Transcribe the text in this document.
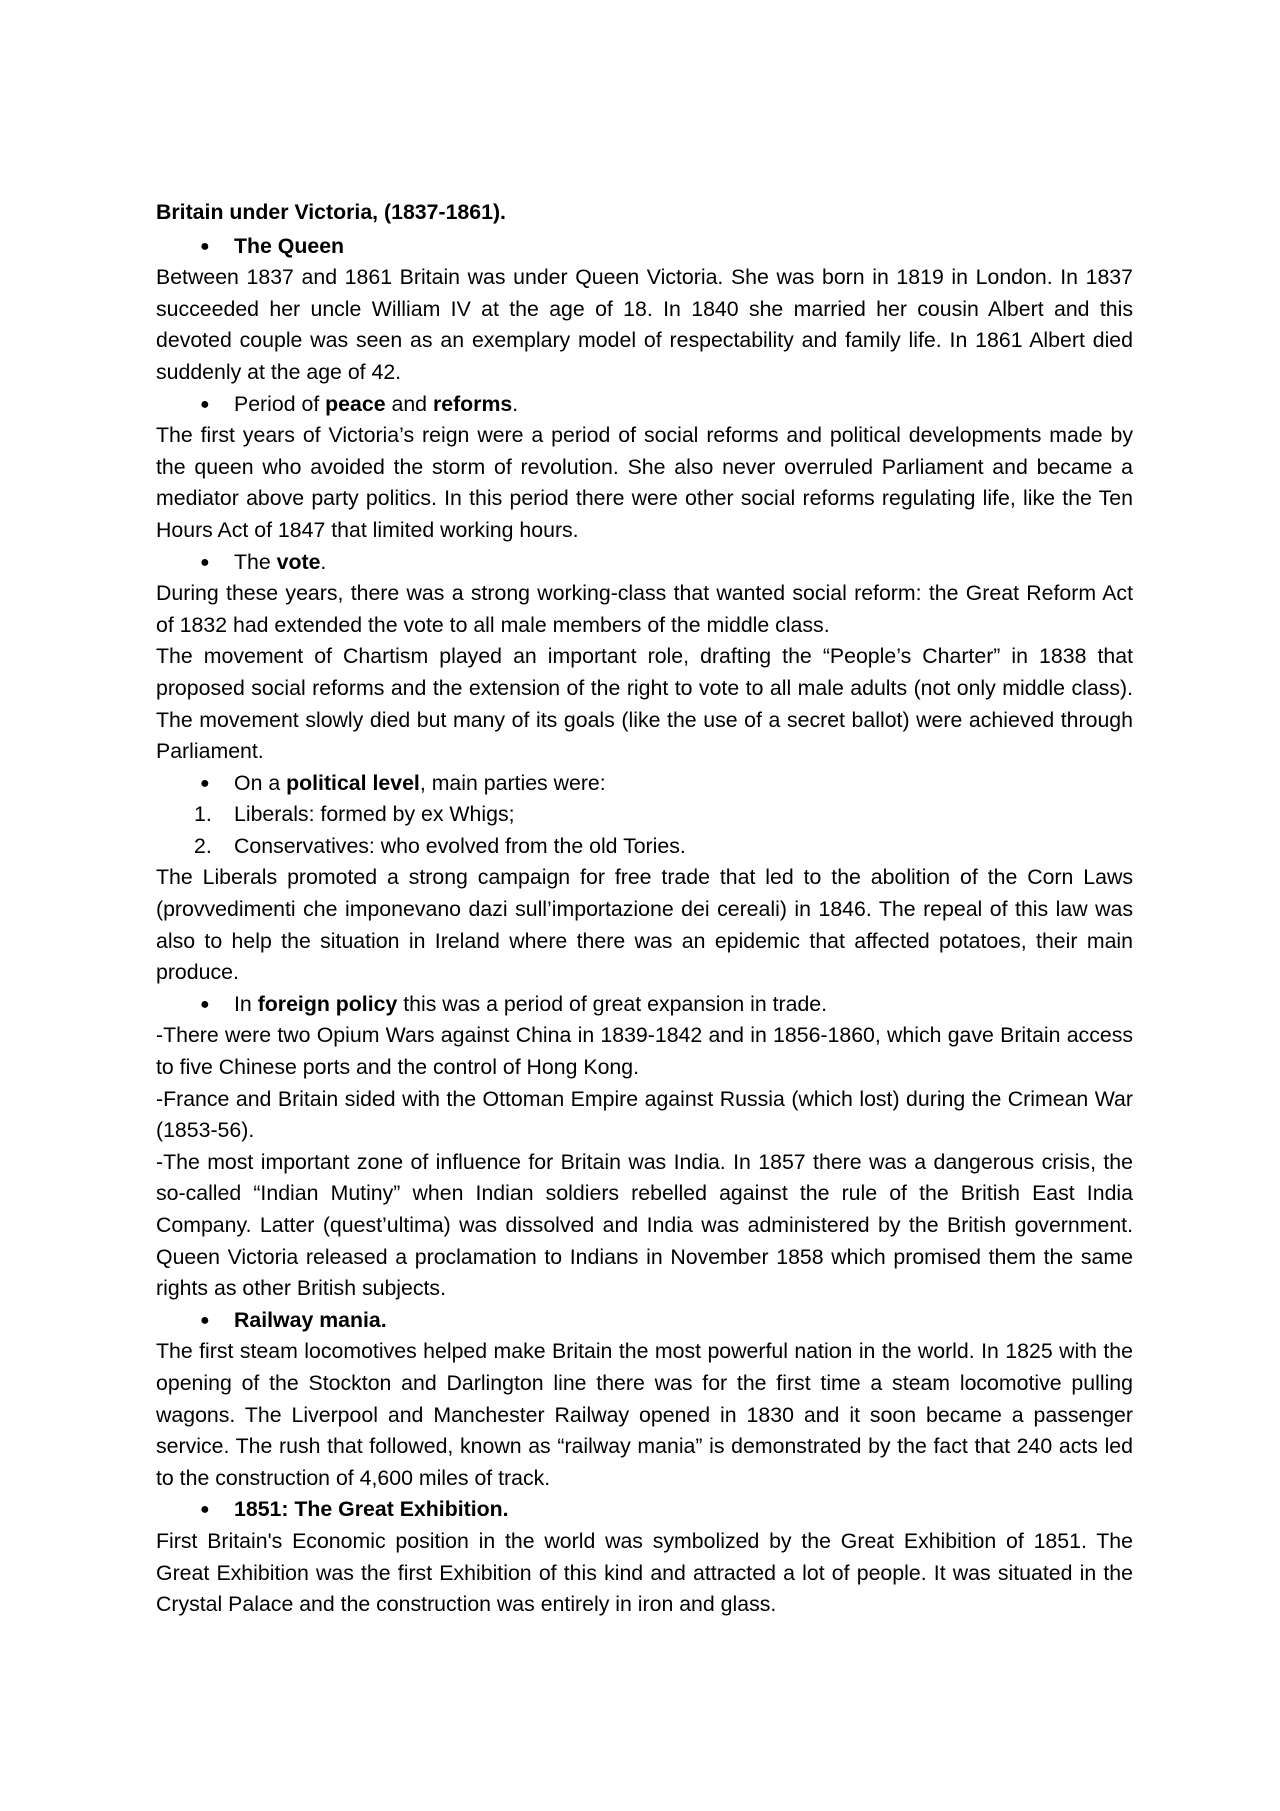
Britain under Victoria, (1837-1861).

● The Queen

Between 1837 and 1861 Britain was under Queen Victoria. She was born in 1819 in London. In 1837 succeeded her uncle William IV at the age of 18. In 1840 she married her cousin Albert and this devoted couple was seen as an exemplary model of respectability and family life. In 1861 Albert died suddenly at the age of 42.

● Period of peace and reforms.

The first years of Victoria’s reign were a period of social reforms and political developments made by the queen who avoided the storm of revolution. She also never overruled Parliament and became a mediator above party politics. In this period there were other social reforms regulating life, like the Ten Hours Act of 1847 that limited working hours.

● The vote.

During these years, there was a strong working-class that wanted social reform: the Great Reform Act of 1832 had extended the vote to all male members of the middle class.

The movement of Chartism played an important role, drafting the “People’s Charter” in 1838 that proposed social reforms and the extension of the right to vote to all male adults (not only middle class). The movement slowly died but many of its goals (like the use of a secret ballot) were achieved through Parliament.

● On a political level, main parties were:

1. Liberals: formed by ex Whigs;

2. Conservatives: who evolved from the old Tories.

The Liberals promoted a strong campaign for free trade that led to the abolition of the Corn Laws (provvedimenti che imponevano dazi sull’importazione dei cereali) in 1846. The repeal of this law was also to help the situation in Ireland where there was an epidemic that affected potatoes, their main produce.

● In foreign policy this was a period of great expansion in trade.

-There were two Opium Wars against China in 1839-1842 and in 1856-1860, which gave Britain access to five Chinese ports and the control of Hong Kong.

-France and Britain sided with the Ottoman Empire against Russia (which lost) during the Crimean War (1853-56).

-The most important zone of influence for Britain was India. In 1857 there was a dangerous crisis, the so-called “Indian Mutiny” when Indian soldiers rebelled against the rule of the British East India Company. Latter (quest’ultima) was dissolved and India was administered by the British government. Queen Victoria released a proclamation to Indians in November 1858 which promised them the same rights as other British subjects.

● Railway mania.

The first steam locomotives helped make Britain the most powerful nation in the world. In 1825 with the opening of the Stockton and Darlington line there was for the first time a steam locomotive pulling wagons. The Liverpool and Manchester Railway opened in 1830 and it soon became a passenger service. The rush that followed, known as “railway mania” is demonstrated by the fact that 240 acts led to the construction of 4,600 miles of track.

● 1851: The Great Exhibition.

First Britain's Economic position in the world was symbolized by the Great Exhibition of 1851. The Great Exhibition was the first Exhibition of this kind and attracted a lot of people. It was situated in the Crystal Palace and the construction was entirely in iron and glass.
